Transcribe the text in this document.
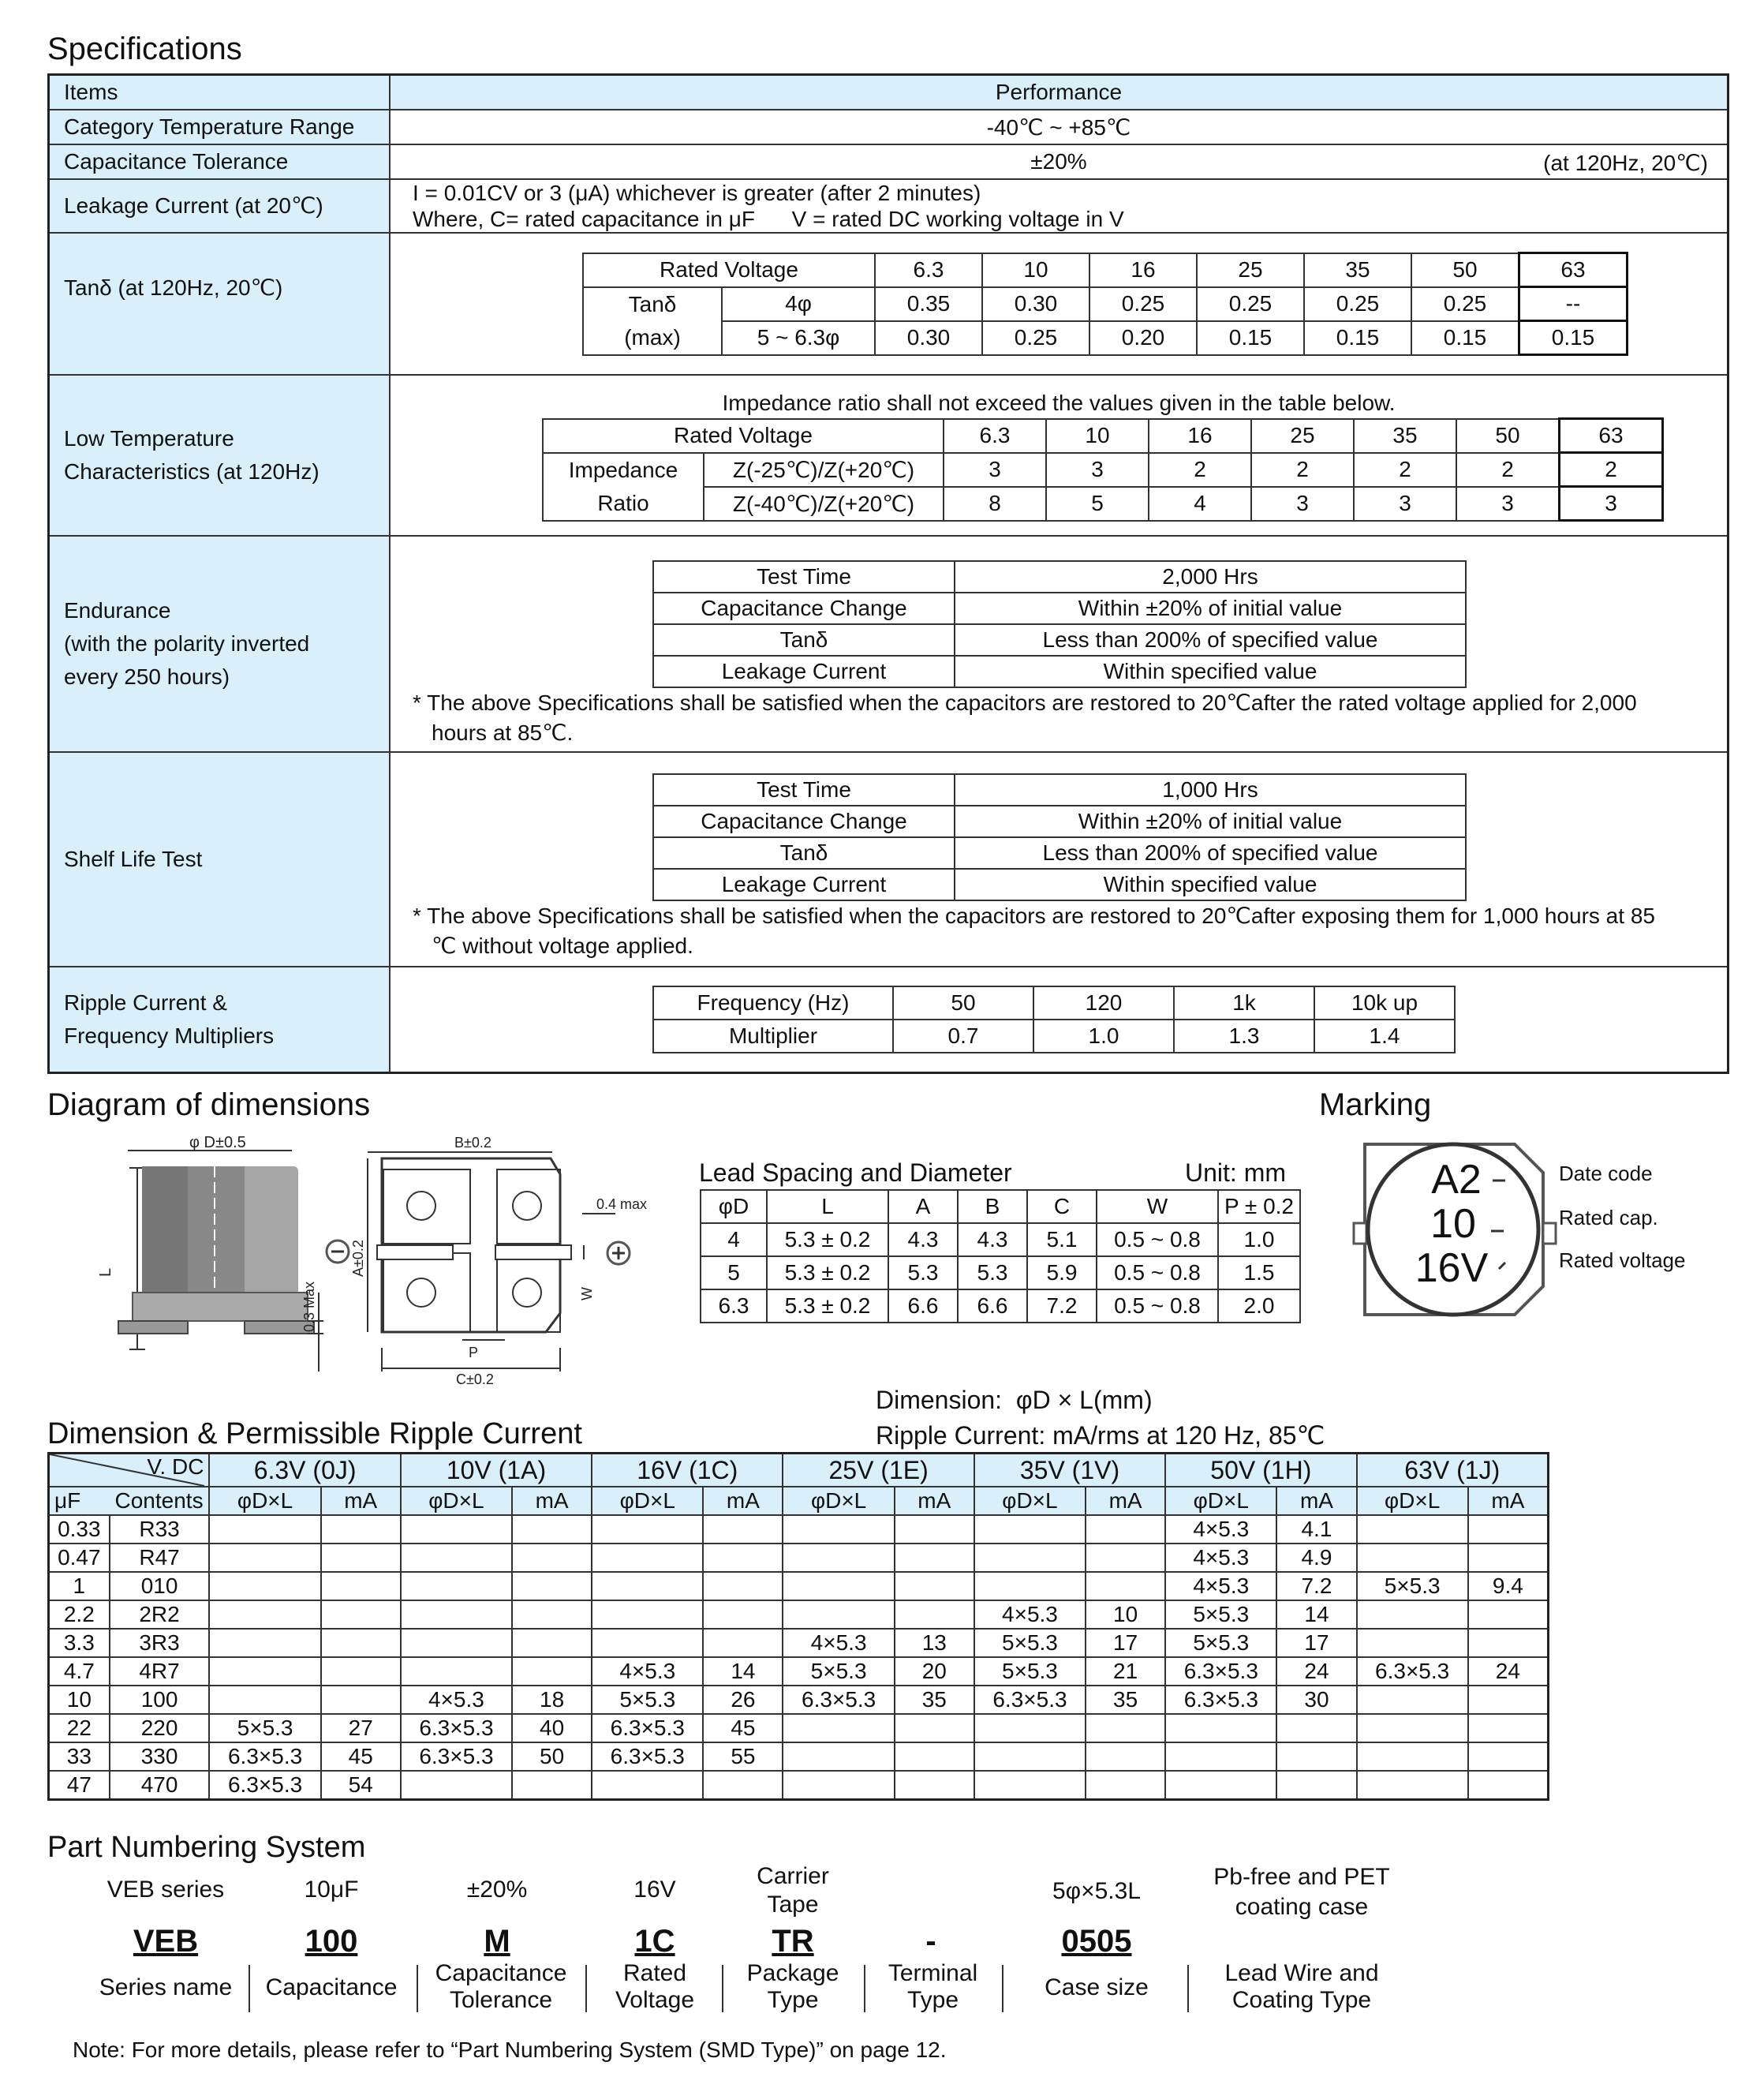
Specifications
Items	Performance
Category Temperature Range	-40℃ ~ +85℃
Capacitance Tolerance	±20%	(at 120Hz, 20℃)

Leakage Current (at 20℃)	
I = 0.01CV or 3 (μA) whichever is greater (after 2 minutes)
Where, C= rated capacitance in μF      V = rated DC working voltage in V

Tanδ (at 120Hz, 20℃)	
Rated Voltage	6.3	10	16	25	35	50	63
Tanδ	4φ	0.35	0.30	0.25	0.25	0.25	0.25	--
(max)	5 ~ 6.3φ	0.30	0.25	0.20	0.15	0.15	0.15	0.15

Low Temperature
Characteristics (at 120Hz)

Impedance ratio shall not exceed the values given in the table below.
Rated Voltage	6.3	10	16	25	35	50	63
Impedance	Z(-25℃)/Z(+20℃)	3	3	2	2	2	2	2
Ratio	Z(-40℃)/Z(+20℃)	8	5	4	3	3	3	3

Endurance
(with the polarity inverted
every 250 hours)

Test Time	2,000 Hrs
Capacitance Change	Within ±20% of initial value
Tanδ	Less than 200% of specified value
Leakage Current	Within specified value
* The above Specifications shall be satisfied when the capacitors are restored to 20℃after the rated voltage applied for 2,000
hours at 85℃.

Shelf Life Test	
Test Time	1,000 Hrs
Capacitance Change	Within ±20% of initial value
Tanδ	Less than 200% of specified value
Leakage Current	Within specified value
* The above Specifications shall be satisfied when the capacitors are restored to 20℃after exposing them for 1,000 hours at 85
℃ without voltage applied.

Ripple Current &
Frequency Multipliers

Frequency (Hz)	50	120	1k	10k up
Multiplier	0.7	1.0	1.3	1.4
Diagram of dimensions
φ D±0.5
L
0.3 Max
B±0.2
A±0.2
0.4 max
W
P
C±0.2
Lead Spacing and Diameter	Unit: mm
φD	L	A	B	C	W	P ± 0.2
4	5.3 ± 0.2	4.3	4.3	5.1	0.5 ~ 0.8	1.0
5	5.3 ± 0.2	5.3	5.3	5.9	0.5 ~ 0.8	1.5
6.3	5.3 ± 0.2	6.6	6.6	7.2	0.5 ~ 0.8	2.0
Marking
A2
10
16V
Date code
Rated cap.
Rated voltage
Dimension:  φD × L(mm)
Ripple Current: mA/rms at 120 Hz, 85℃
Dimension & Permissible Ripple Current
V. DC		6.3V (0J)		10V (1A)		16V (1C)		25V (1E)		35V (1V)		50V (1H)		63V (1J)	
μF	Contents	φD×L	mA	φD×L	mA	φD×L	mA	φD×L	mA	φD×L	mA	φD×L	mA	φD×L	mA
0.33	R33											4×5.3	4.1		
0.47	R47											4×5.3	4.9		
1	010											4×5.3	7.2	5×5.3	9.4
2.2	2R2									4×5.3	10	5×5.3	14		
3.3	3R3							4×5.3	13	5×5.3	17	5×5.3	17		
4.7	4R7					4×5.3	14	5×5.3	20	5×5.3	21	6.3×5.3	24	6.3×5.3	24
10	100			4×5.3	18	5×5.3	26	6.3×5.3	35	6.3×5.3	35	6.3×5.3	30		
22	220	5×5.3	27	6.3×5.3	40	6.3×5.3	45								
33	330	6.3×5.3	45	6.3×5.3	50	6.3×5.3	55								
47	470	6.3×5.3	54												
Part Numbering System
VEB series	10μF	±20%	16V
Carrier
Tape
5φ×5.3L
Pb-free and PET
coating case
VEB	100	M	1C	TR	-	0505
Series name	Capacitance
Capacitance
Tolerance
Rated
Voltage
Package
Type
Terminal
Type	Case size
Lead Wire and
Coating Type
Note: For more details, please refer to “Part Numbering System (SMD Type)” on page 12.
